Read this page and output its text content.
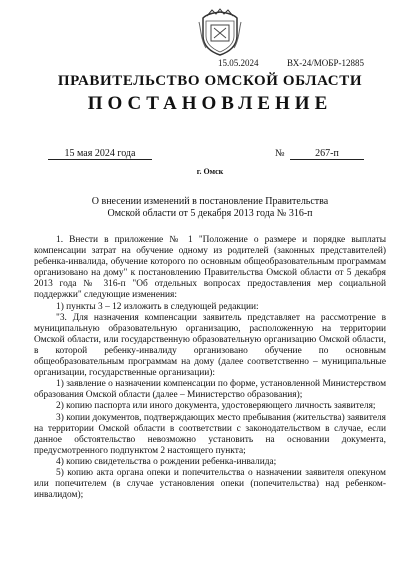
15.05.2024	ВХ-24/МОБР-12885
ПРАВИТЕЛЬСТВО ОМСКОЙ ОБЛАСТИ
ПОСТАНОВЛЕНИЕ
15 мая 2024 года	№	267-п
г. Омск
О внесении изменений в постановление Правительства
Омской области от 5 декабря 2013 года № 316-п

1. Внести в приложение № 1 "Положение о размере и порядке выплаты компенсации затрат на обучение одному из родителей (законных представителей) ребенка-инвалида, обучение которого по основным общеобразовательным программам организовано на дому" к постановлению Правительства Омской области от 5 декабря 2013 года № 316-п "Об отдельных вопросах предоставления мер социальной поддержки" следующие изменения:

1) пункты 3 – 12 изложить в следующей редакции:

"3. Для назначения компенсации заявитель представляет на рассмотрение в муниципальную образовательную организацию, расположенную на территории Омской области, или государственную образовательную организацию Омской области, в которой ребенку-инвалиду организовано обучение по основным общеобразовательным программам на дому (далее соответственно – муниципальные организации, государственные организации):

1) заявление о назначении компенсации по форме, установленной Министерством образования Омской области (далее – Министерство образования);

2) копию паспорта или иного документа, удостоверяющего личность заявителя;

3) копии документов, подтверждающих место пребывания (жительства) заявителя на территории Омской области в соответствии с законодательством в случае, если данное обстоятельство невозможно установить на основании документа, предусмотренного подпунктом 2 настоящего пункта;

4) копию свидетельства о рождении ребенка-инвалида;

5) копию акта органа опеки и попечительства о назначении заявителя опекуном или попечителем (в случае установления опеки (попечительства) над ребенком-инвалидом);
